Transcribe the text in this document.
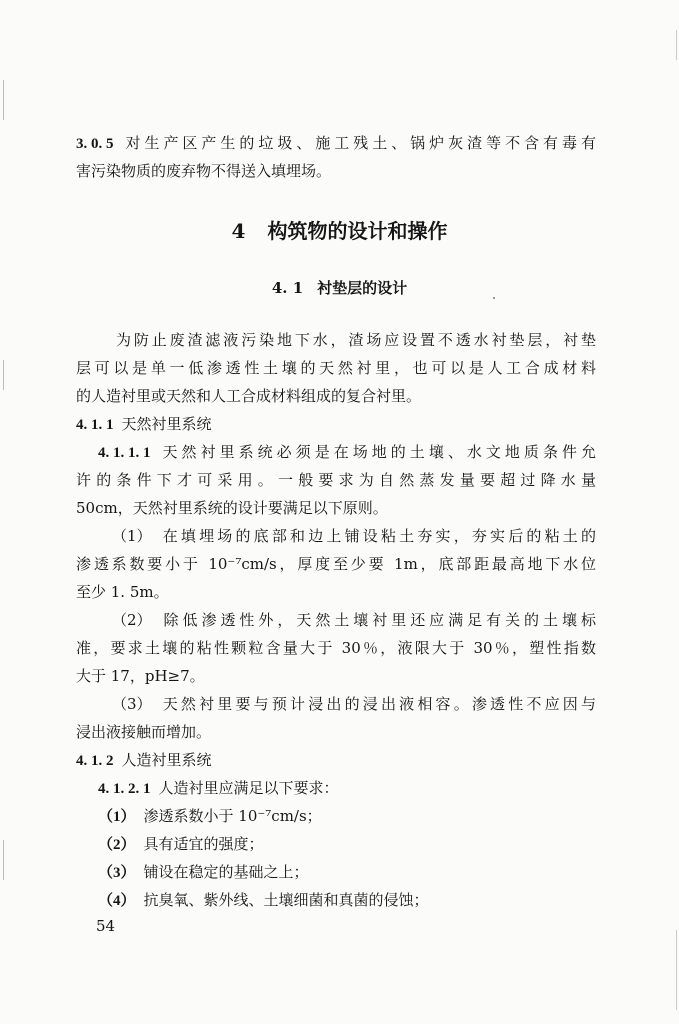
3. 0. 5 对生产区产生的垃圾、施工残土、锅炉灰渣等不含有毒有
害污染物质的废弃物不得送入填埋场。
4 构筑物的设计和操作
4. 1 衬垫层的设计
为防止废渣滤液污染地下水，渣场应设置不透水衬垫层，衬垫
层可以是单一低渗透性土壤的天然衬里，也可以是人工合成材料
的人造衬里或天然和人工合成材料组成的复合衬里。
4. 1. 1 天然衬里系统
4. 1. 1. 1 天然衬里系统必须是在场地的土壤、水文地质条件允
许的条件下才可采用。一般要求为自然蒸发量要超过降水量
50cm，天然衬里系统的设计要满足以下原则。
（1） 在填埋场的底部和边上铺设粘土夯实，夯实后的粘土的
渗透系数要小于 10⁻⁷cm/s，厚度至少要 1m，底部距最高地下水位
至少 1. 5m。
（2） 除低渗透性外，天然土壤衬里还应满足有关的土壤标
准，要求土壤的粘性颗粒含量大于 30％，液限大于 30％，塑性指数
大于 17，pH≥7。
（3） 天然衬里要与预计浸出的浸出液相容。渗透性不应因与
浸出液接触而增加。
4. 1. 2 人造衬里系统
4. 1. 2. 1 人造衬里应满足以下要求：
（1） 渗透系数小于 10⁻⁷cm/s；
（2） 具有适宜的强度；
（3） 铺设在稳定的基础之上；
（4） 抗臭氧、紫外线、土壤细菌和真菌的侵蚀；
54
